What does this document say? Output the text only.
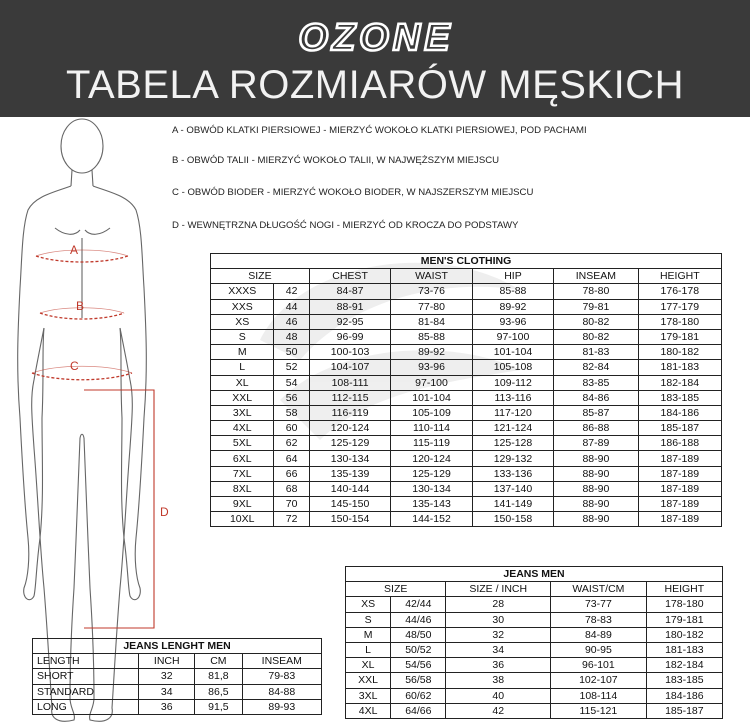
OZONE
TABELA ROZMIARÓW MĘSKICH
A - OBWÓD KLATKI PIERSIOWEJ - MIERZYĆ WOKOŁO KLATKI PIERSIOWEJ, POD PACHAMI
B - OBWÓD TALII - MIERZYĆ WOKOŁO TALII, W NAJWĘŻSZYM MIEJSCU
C - OBWÓD BIODER - MIERZYĆ WOKOŁO BIODER, W NAJSZERSZYM MIEJSCU
D - WEWNĘTRZNA DŁUGOŚĆ NOGI - MIERZYĆ OD KROCZA DO PODSTAWY
A
B
C
D
MEN'S CLOTHING						
SIZE		CHEST	WAIST	HIP	INSEAM	HEIGHT
XXXS	42	84-87	73-76	85-88	78-80	176-178
XXS	44	88-91	77-80	89-92	79-81	177-179
XS	46	92-95	81-84	93-96	80-82	178-180
S	48	96-99	85-88	97-100	80-82	179-181
M	50	100-103	89-92	101-104	81-83	180-182
L	52	104-107	93-96	105-108	82-84	181-183
XL	54	108-111	97-100	109-112	83-85	182-184
XXL	56	112-115	101-104	113-116	84-86	183-185
3XL	58	116-119	105-109	117-120	85-87	184-186
4XL	60	120-124	110-114	121-124	86-88	185-187
5XL	62	125-129	115-119	125-128	87-89	186-188
6XL	64	130-134	120-124	129-132	88-90	187-189
7XL	66	135-139	125-129	133-136	88-90	187-189
8XL	68	140-144	130-134	137-140	88-90	187-189
9XL	70	145-150	135-143	141-149	88-90	187-189
10XL	72	150-154	144-152	150-158	88-90	187-189
JEANS MEN				
SIZE		SIZE / INCH	WAIST/CM	HEIGHT
XS	42/44	28	73-77	178-180
S	44/46	30	78-83	179-181
M	48/50	32	84-89	180-182
L	50/52	34	90-95	181-183
XL	54/56	36	96-101	182-184
XXL	56/58	38	102-107	183-185
3XL	60/62	40	108-114	184-186
4XL	64/66	42	115-121	185-187
JEANS LENGHT MEN			
LENGTH	INCH	CM	INSEAM
SHORT	32	81,8	79-83
STANDARD	34	86,5	84-88
LONG	36	91,5	89-93
